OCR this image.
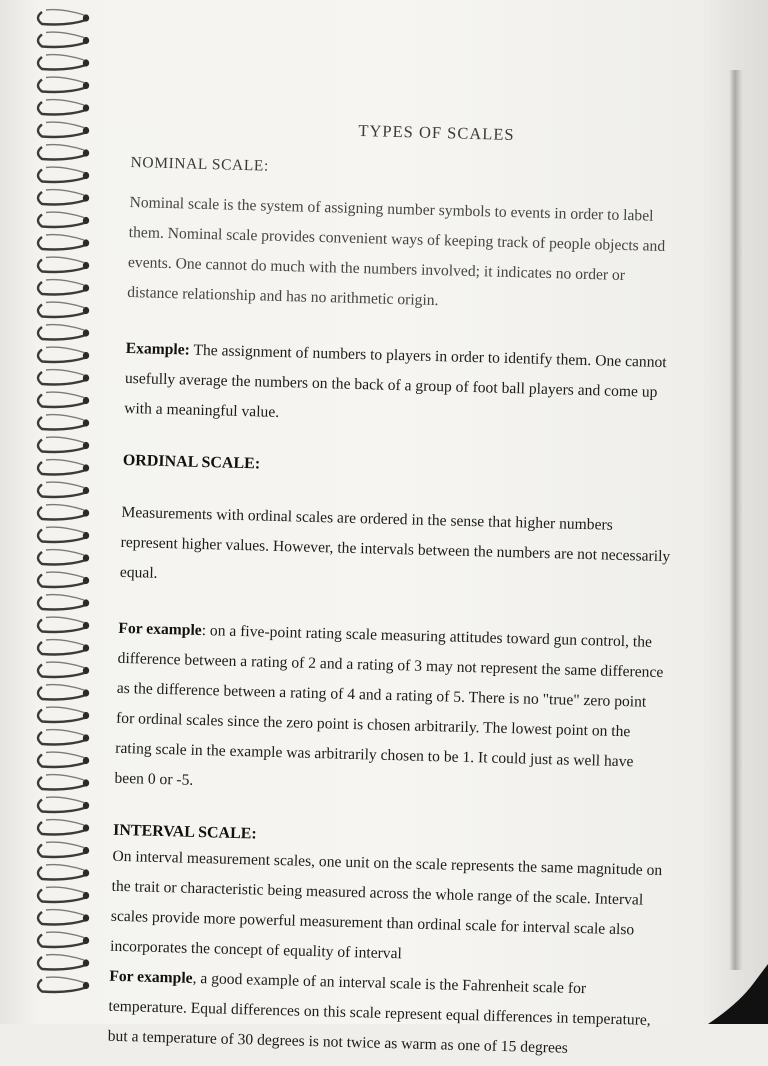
TYPES OF SCALES
NOMINAL SCALE:

Nominal scale is the system of assigning number symbols to events in order to label them. Nominal scale provides convenient ways of keeping track of people objects and events. One cannot do much with the numbers involved; it indicates no order or distance relationship and has no arithmetic origin.

Example: The assignment of numbers to players in order to identify them. One cannot usefully average the numbers on the back of a group of foot ball players and come up with a meaningful value.

ORDINAL SCALE:

Measurements with ordinal scales are ordered in the sense that higher numbers represent higher values. However, the intervals between the numbers are not necessarily equal.

For example: on a five-point rating scale measuring attitudes toward gun control, the difference between a rating of 2 and a rating of 3 may not represent the same difference as the difference between a rating of 4 and a rating of 5. There is no "true" zero point for ordinal scales since the zero point is chosen arbitrarily. The lowest point on the rating scale in the example was arbitrarily chosen to be 1. It could just as well have been 0 or -5.

INTERVAL SCALE:

On interval measurement scales, one unit on the scale represents the same magnitude on the trait or characteristic being measured across the whole range of the scale. Interval scales provide more powerful measurement than ordinal scale for interval scale also incorporates the concept of equality of interval

For example, a good example of an interval scale is the Fahrenheit scale for temperature. Equal differences on this scale represent equal differences in temperature, but a temperature of 30 degrees is not twice as warm as one of 15 degrees
